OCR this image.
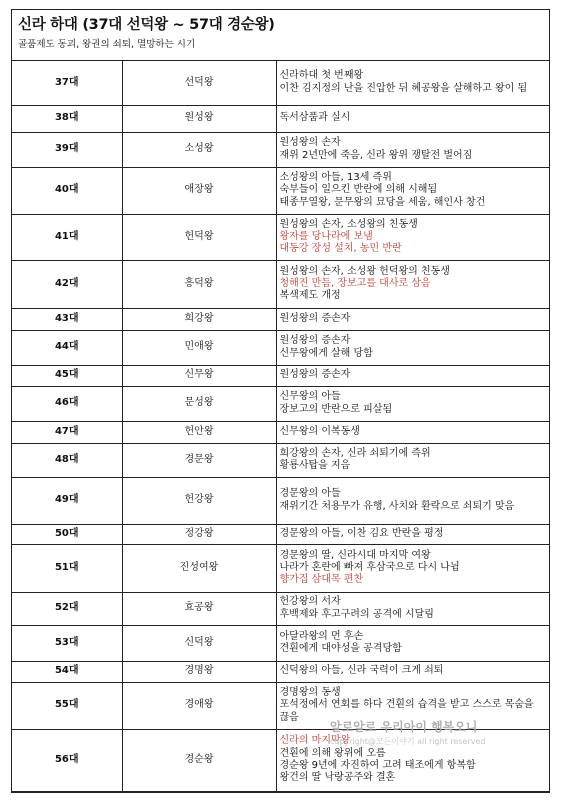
신라 하대 (37대 선덕왕 ~ 57대 경순왕)
골품제도 동괴, 왕권의 쇠퇴, 멸망하는 시기
37대	선덕왕	신라하대 첫 번째왕
이찬 김지정의 난을 진압한 뒤 혜공왕을 살해하고 왕이 됨

38대	원성왕	독서삼품과 실시

39대	소성왕	원성왕의 손자
재위 2년만에 죽음, 신라 왕위 쟁탈전 벌어짐

40대	애장왕	소성왕의 아들, 13세 즉위
숙부들이 일으킨 반란에 의해 시해됨
태종무열왕, 문무왕의 묘당을 세움, 해인사 창건

41대	헌덕왕	원성왕의 손자, 소성왕의 친동생
왕자를 당나라에 보냄
대동강 장성 설치, 농민 반란

42대	흥덕왕	원성왕의 손자, 소성왕 헌덕왕의 친동생
청해진 만듬, 장보고를 대사로 삼음
복색제도 개정

43대	희강왕	원성왕의 증손자

44대	민애왕	원성왕의 증손자
신무왕에게 살해 당함

45대	신무왕	원성왕의 증손자

46대	문성왕	신무왕의 아들
장보고의 반란으로 피살됨

47대	헌안왕	신무왕의 이복동생

48대	경문왕	희강왕의 손자, 신라 쇠퇴기에 즉위
황룡사탑을 지음

49대	헌강왕	경문왕의 아들
재위기간 처용무가 유행, 사치와 환락으로 쇠퇴기 맞음

50대	정강왕	경문왕의 아들, 이찬 김요 반란을 평정

51대	진성여왕	경문왕의 딸, 신라시대 마지막 여왕
나라가 혼란에 빠져 후삼국으로 다시 나뉨
향가집 삼대목 편찬

52대	효공왕	헌강왕의 서자
후백제와 후고구려의 공격에 시달림

53대	신덕왕	아달라왕의 먼 후손
견훤에게 대야성을 공격당함

54대	경명왕	신덕왕의 아들, 신라 국력이 크게 쇠퇴

55대	경애왕	경명왕의 동생
포석정에서 연회를 하다 견훤의 습격을 받고 스스로 목숨을 끊음

56대	경순왕	신라의 마지막왕
견훤에 의해 왕위에 오름
경순왕 9년에 자진하여 고려 태조에게 항복함
왕건의 딸 낙랑공주와 결혼
알로알로 우리아이 행복오니
copyright@모든이야기 all right reserved
